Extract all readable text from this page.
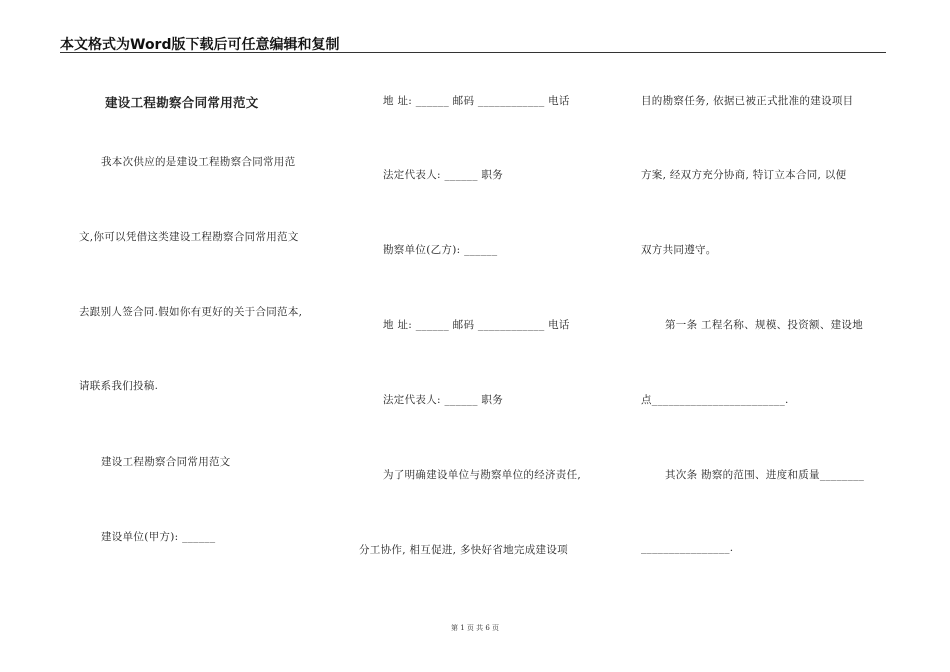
本文格式为Word版下载后可任意编辑和复制
建设工程勘察合同常用范文
我本次供应的是建设工程勘察合同常用范
文,你可以凭借这类建设工程勘察合同常用范文
去跟别人签合同.假如你有更好的关于合同范本,
请联系我们投稿.
建设工程勘察合同常用范文
建设单位(甲方): ______
地 址: ______ 邮码 ____________ 电话
法定代表人: ______ 职务
勘察单位(乙方): ______
地 址: ______ 邮码 ____________ 电话
法定代表人: ______ 职务
为了明确建设单位与勘察单位的经济责任,
分工协作, 相互促进, 多快好省地完成建设项
目的勘察任务, 依据已被正式批准的建设项目
方案, 经双方充分协商, 特订立本合同, 以便
双方共同遵守。
第一条 工程名称、规模、投资额、建设地
点________________________.
其次条 勘察的范围、进度和质量________
________________.
第 1 页 共 6 页
